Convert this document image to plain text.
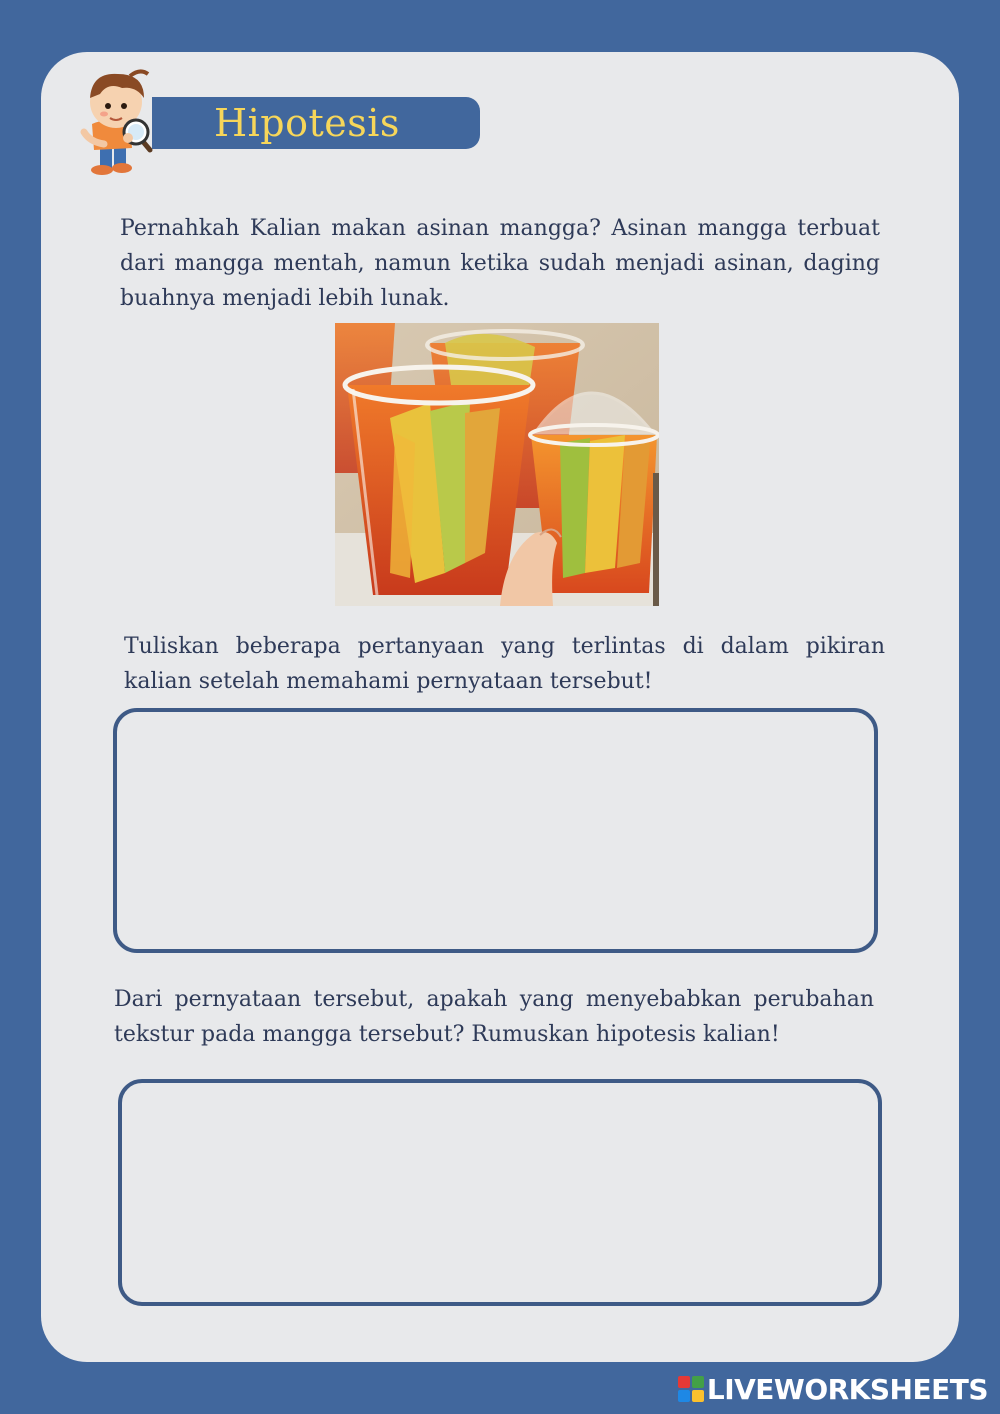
Hipotesis

Pernahkah Kalian makan asinan mangga? Asinan mangga terbuat dari mangga mentah, namun ketika sudah menjadi asinan, daging buahnya menjadi lebih lunak.

Tuliskan beberapa pertanyaan yang terlintas di dalam pikiran kalian setelah memahami pernyataan tersebut!

Dari pernyataan tersebut, apakah yang menyebabkan perubahan tekstur pada mangga tersebut? Rumuskan hipotesis kalian!

LIVEWORKSHEETS
